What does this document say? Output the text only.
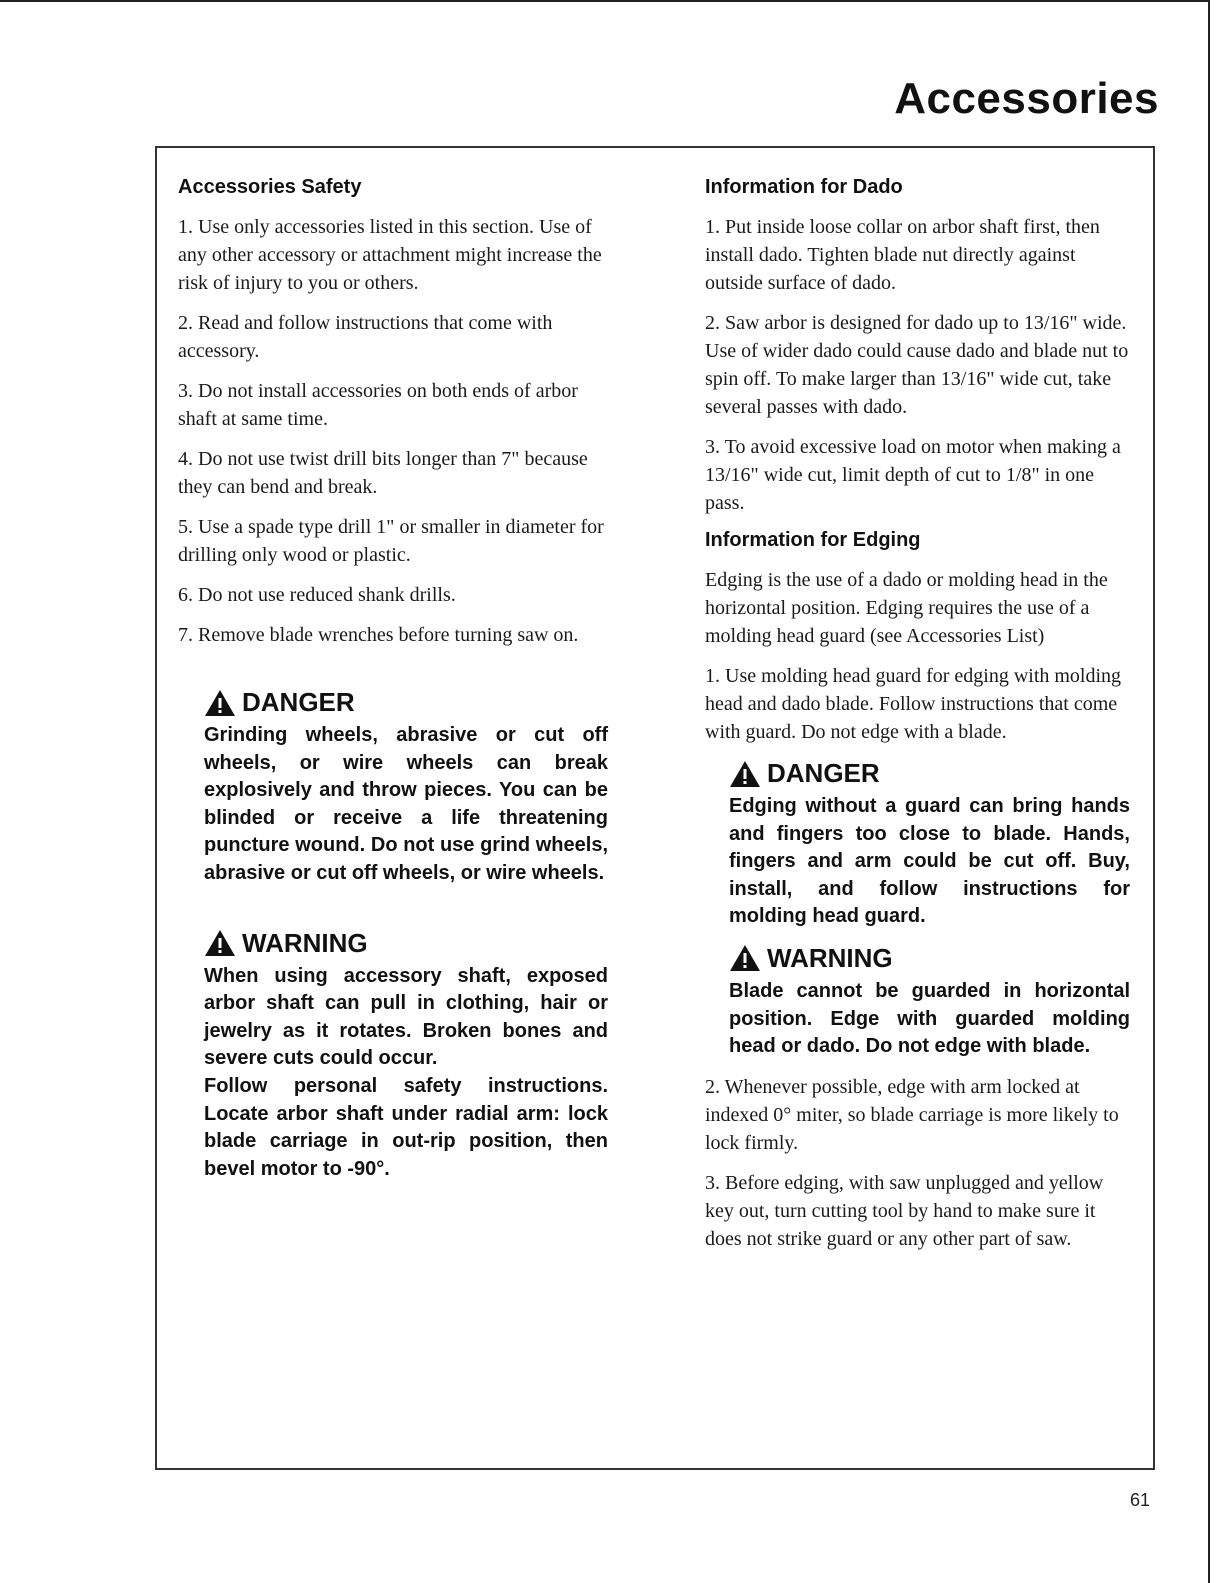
Accessories
Accessories Safety

1. Use only accessories listed in this section. Use of any other accessory or attachment might increase the risk of injury to you or others.

2. Read and follow instructions that come with accessory.

3. Do not install accessories on both ends of arbor shaft at same time.

4. Do not use twist drill bits longer than 7" because they can bend and break.

5. Use a spade type drill 1" or smaller in diameter for drilling only wood or plastic.

6. Do not use reduced shank drills.

7. Remove blade wrenches before turning saw on.

DANGER
Grinding wheels, abrasive or cut off wheels, or wire wheels can break explosively and throw pieces. You can be blinded or receive a life threatening puncture wound. Do not use grind wheels, abrasive or cut off wheels, or wire wheels.
WARNING
When using accessory shaft, exposed arbor shaft can pull in clothing, hair or jewelry as it rotates. Broken bones and severe cuts could occur.
Follow personal safety instructions. Locate arbor shaft under radial arm: lock blade carriage in out-rip position, then bevel motor to -90°.
Information for Dado

1. Put inside loose collar on arbor shaft first, then install dado. Tighten blade nut directly against outside surface of dado.

2. Saw arbor is designed for dado up to 13/16" wide. Use of wider dado could cause dado and blade nut to spin off. To make larger than 13/16" wide cut, take several passes with dado.

3. To avoid excessive load on motor when making a 13/16" wide cut, limit depth of cut to 1/8" in one pass.

Information for Edging

Edging is the use of a dado or molding head in the horizontal position. Edging requires the use of a molding head guard (see Accessories List)

1. Use molding head guard for edging with molding head and dado blade. Follow instructions that come with guard. Do not edge with a blade.

DANGER
Edging without a guard can bring hands and fingers too close to blade. Hands, fingers and arm could be cut off. Buy, install, and follow instructions for molding head guard.
WARNING
Blade cannot be guarded in horizontal position. Edge with guarded molding head or dado. Do not edge with blade.

2. Whenever possible, edge with arm locked at indexed 0° miter, so blade carriage is more likely to lock firmly.

3. Before edging, with saw unplugged and yellow key out, turn cutting tool by hand to make sure it does not strike guard or any other part of saw.

61
